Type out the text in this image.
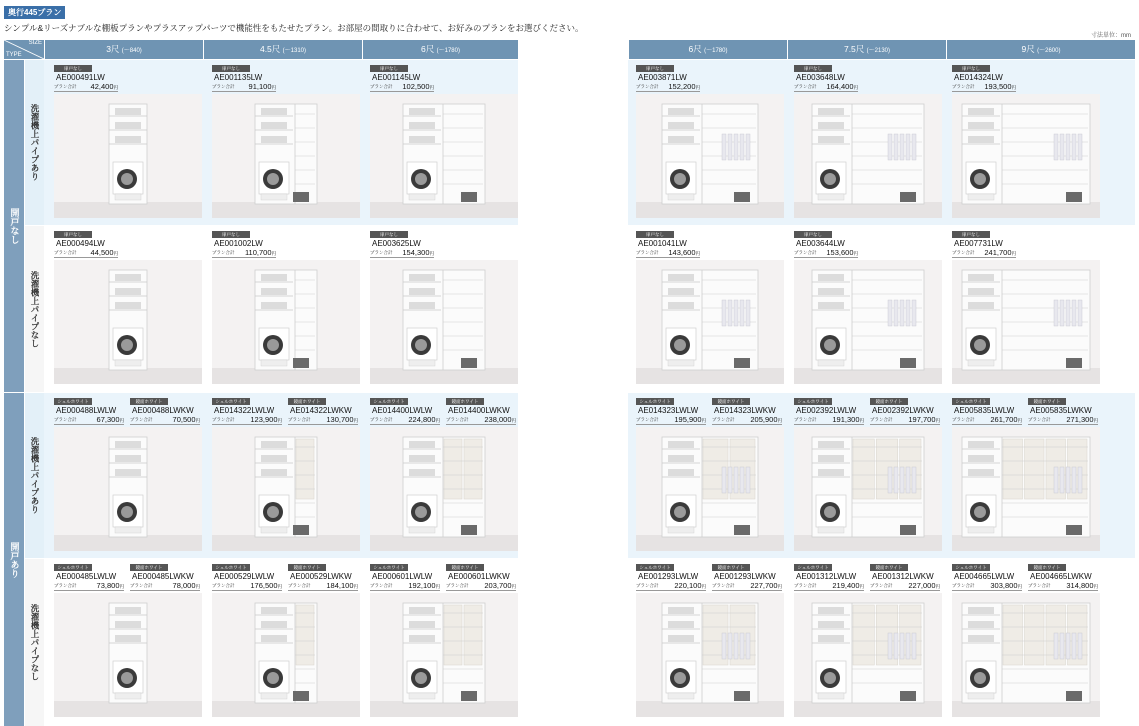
奥行445プラン
シンプル&リーズナブルな棚板プランやプラスアップパーツで機能性をもたせたプラン。お部屋の間取りに合わせて、お好みのプランをお選びください。
寸法単位：mm
SIZE
TYPE
3尺 (〜840)	4.5尺 (〜1310)	6尺 (〜1780)	6尺 (〜1780)	7.5尺 (〜2130)	9尺 (〜2600)
開戸なし
開戸あり
洗濯機上パイプあり
洗濯機上パイプなし
洗濯機上パイプあり
洗濯機上パイプなし
扉戸なし
AE000491LW
プラン合計 42,400円
扉戸なし
AE001135LW
プラン合計 91,100円
扉戸なし
AE001145LW
プラン合計 102,500円
扉戸なし
AE003871LW
プラン合計 152,200円
扉戸なし
AE003648LW
プラン合計 164,400円
扉戸なし
AE014324LW
プラン合計 193,500円
扉戸なし
AE000494LW
プラン合計 44,500円
扉戸なし
AE001002LW
プラン合計 110,700円
扉戸なし
AE003625LW
プラン合計 154,300円
扉戸なし
AE001041LW
プラン合計 143,600円
扉戸なし
AE003644LW
プラン合計 153,600円
扉戸なし
AE007731LW
プラン合計 241,700円
シェルホワイト
AE000488LWLW
プラン合計	67,300円
鏡面ホワイト
AE000488LWKW
プラン合計	70,500円
シェルホワイト
AE014322LWLW
プラン合計 123,900円
鏡面ホワイト
AE014322LWKW
プラン合計 130,700円
シェルホワイト
AE014400LWLW
プラン合計 224,800円
鏡面ホワイト
AE014400LWKW
プラン合計 238,000円
シェルホワイト
AE014323LWLW
プラン合計 195,900円
鏡面ホワイト
AE014323LWKW
プラン合計 205,900円
シェルホワイト
AE002392LWLW
プラン合計 191,300円
鏡面ホワイト
AE002392LWKW
プラン合計 197,700円
シェルホワイト
AE005835LWLW
プラン合計 261,700円
鏡面ホワイト
AE005835LWKW
プラン合計 271,300円
シェルホワイト
AE000485LWLW
プラン合計	73,800円
鏡面ホワイト
AE000485LWKW
プラン合計	78,000円
シェルホワイト
AE000529LWLW
プラン合計 176,500円
鏡面ホワイト
AE000529LWKW
プラン合計 184,100円
シェルホワイト
AE000601LWLW
プラン合計 192,100円
鏡面ホワイト
AE000601LWKW
プラン合計 203,700円
シェルホワイト
AE001293LWLW
プラン合計 220,100円
鏡面ホワイト
AE001293LWKW
プラン合計 227,700円
シェルホワイト
AE001312LWLW
プラン合計 219,400円
鏡面ホワイト
AE001312LWKW
プラン合計 227,000円
シェルホワイト
AE004665LWLW
プラン合計 303,800円
鏡面ホワイト
AE004665LWKW
プラン合計 314,800円
